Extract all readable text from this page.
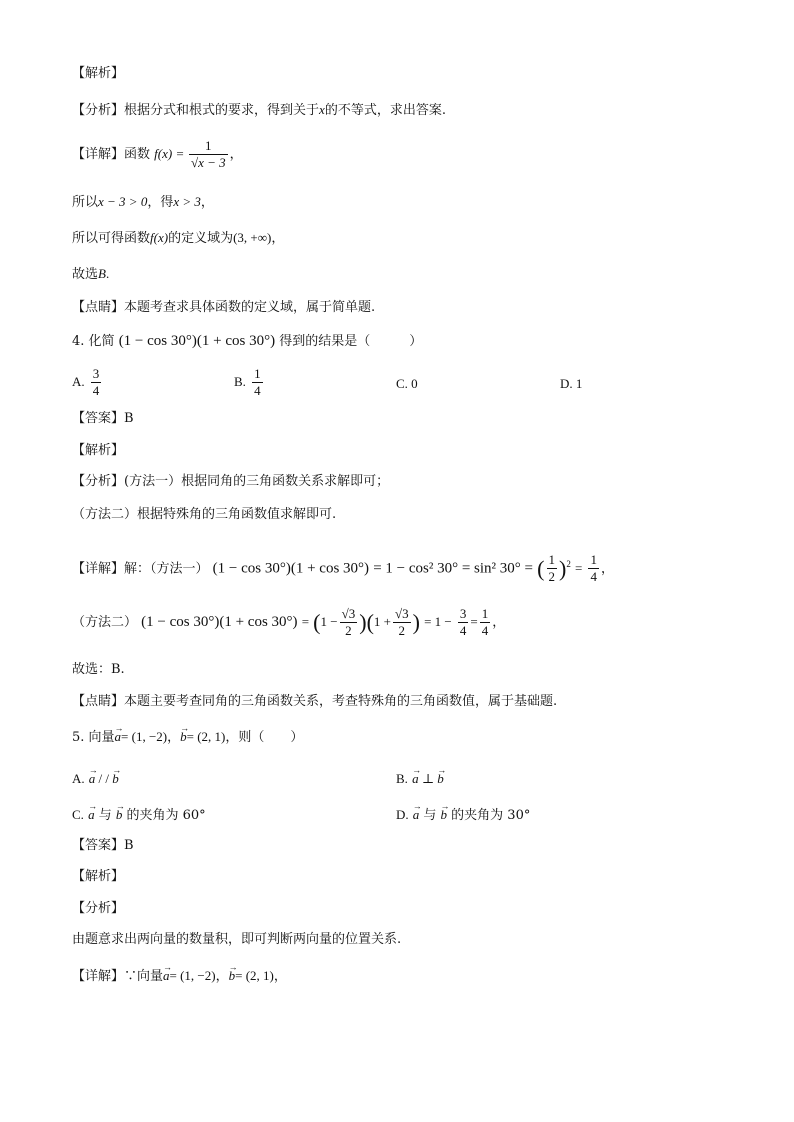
【解析】
【分析】根据分式和根式的要求，得到关于x的不等式，求出答案.
【详解】函数 $f(x) = \frac{1}{√x - 3}$ ，
所以x − 3 > 0，得x > 3，
所以可得函数f(x)的定义域为(3, +∞)，
故选B.
【点睛】本题考查求具体函数的定义域，属于简单题.
4. 化简 (1 − cos 30°)(1 + cos 30°) 得到的结果是（　　　）
A. $\frac{3}{4}$	B. $\frac{1}{4}$	C. 0	D. 1
【答案】B
【解析】
【分析】(方法一）根据同角的三角函数关系求解即可；
（方法二）根据特殊角的三角函数值求解即可.
【详解】解：（方法一） (1 − cos 30°)(1 + cos 30°) = 1 − cos² 30° = sin² 30° = ( $\frac{1}{2} )^2 = \frac{1}{4}$ ，
（方法二） $(1 - \cos 30^\circ)(1 + \cos 30^\circ) = (1 - \frac{√3}{2} )(1 + \frac{√3}{2}$ ) = $1 - \frac{3}{4} = \frac{1}{4}$ ，
故选：B.
【点睛】本题主要考查同角的三角函数关系，考查特殊角的三角函数值，属于基础题.
5. 向量→ a= (1, −2)，→ b= (2, 1)，则（　　）
A. → a / / → b	B. → a ⊥ → b
C. → a 与 → b 的夹角为 60°	D. → a 与 → b 的夹角为 30°
【答案】B
【解析】
【分析】
由题意求出两向量的数量积，即可判断两向量的位置关系.
【详解】∵向量→ a= (1, −2)，→ b= (2, 1)，
